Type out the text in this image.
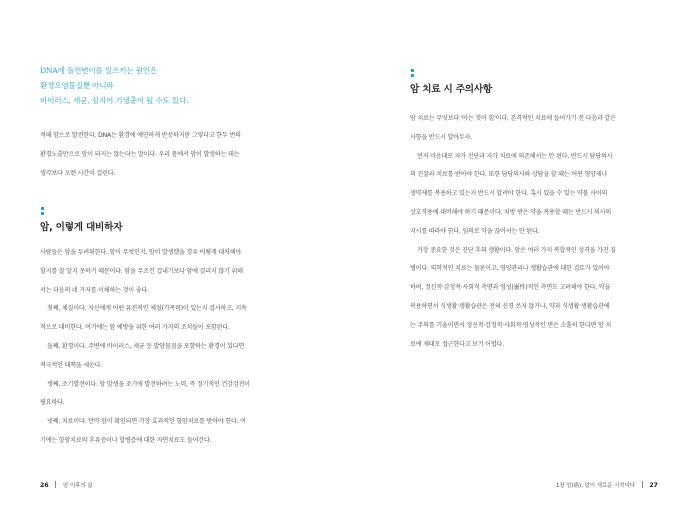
DNA에 돌연변이를 일으키는 원인은
환경오염물질뿐 아니라
바이러스, 세균, 심지어 기생충이 될 수도 있다.
적해 암으로 발전한다. DNA는 환경에 예민하게 반응하지만 그렇다고 한두 번의
환경노출만으로 암이 되지는 않는다는 말이다. 우리 몸에서 암이 발생하는 데는
생각보다 오랜 시간이 걸린다.
암, 이렇게 대비하자
사람들은 암을 두려워한다. 암이 무엇인지, 암이 발생했을 경우 어떻게 대처해야
할지를 잘 알지 못하기 때문이다. 암을 무조건 겁내기보다 암에 걸리지 않기 위해
서는 다음의 네 가지를 이해하는 것이 좋다.
첫째, 체질이다. 자신에게 어떤 유전적인 체질(가족력)이 있는지 검사하고, 지속
적으로 대비한다. 여기에는 암 예방을 위한 여러 가지의 조치들이 포함된다.
둘째, 환경이다. 주변에 바이러스, 세균 등 발암물질을 포함하는 환경이 있다면
적극적인 대책을 세운다.
셋째, 조기발견이다. 암 발생을 조기에 발견하려는 노력, 즉 정기적인 건강검진이
필요하다.
넷째, 치료이다. 만약 암이 확인되면 가장 효과적인 항암치료를 받아야 한다. 여
기에는 항암치료의 후유증이나 합병증에 대한 자연치료도 들어간다.
26	암 이후의 삶
암 치료 시 주의사항
암 치료는 무엇보다 '아는 것이 힘'이다. 본격적인 치료에 들어가기 전 다음과 같은
사항을 반드시 알아두자.
먼저 마음대로 자가 진단과 자가 치료에 의존해서는 안 된다. 반드시 담당의사
의 진찰과 치료를 받아야 한다. 또한 담당의사와 상담을 할 때는 어떤 영양제나
생약제를 복용하고 있는지 반드시 알려야 한다. 혹시 있을 수 있는 약물 사이의
상호작용에 대비해야 하기 때문이다. 처방 받은 약을 복용할 때는 반드시 의사의
지시를 따라야 한다. 임의로 약을 끊어서는 안 된다.
가장 중요한 것은 진단 후의 생활이다. 암은 여러 가지 복합적인 성격을 가진 질
병이다. 의학적인 치료는 물론이고, 영양관리나 생활습관에 대한 검토가 있어야
하며, 정신적·감정적·사회적 측면과 영성(靈性)적인 측면도 고려해야 한다. 약을
복용하면서 식생활·생활습관은 전혀 신경 쓰지 않거나, 약과 식생활·생활습관에
는 주의를 기울이면서 정신적·감정적·사회적·영성적인 면은 소홀히 한다면 암 치
료에 제대로 접근한다고 보기 어렵다.
1장 암(癌), 알이 새로운 시작이다 27
